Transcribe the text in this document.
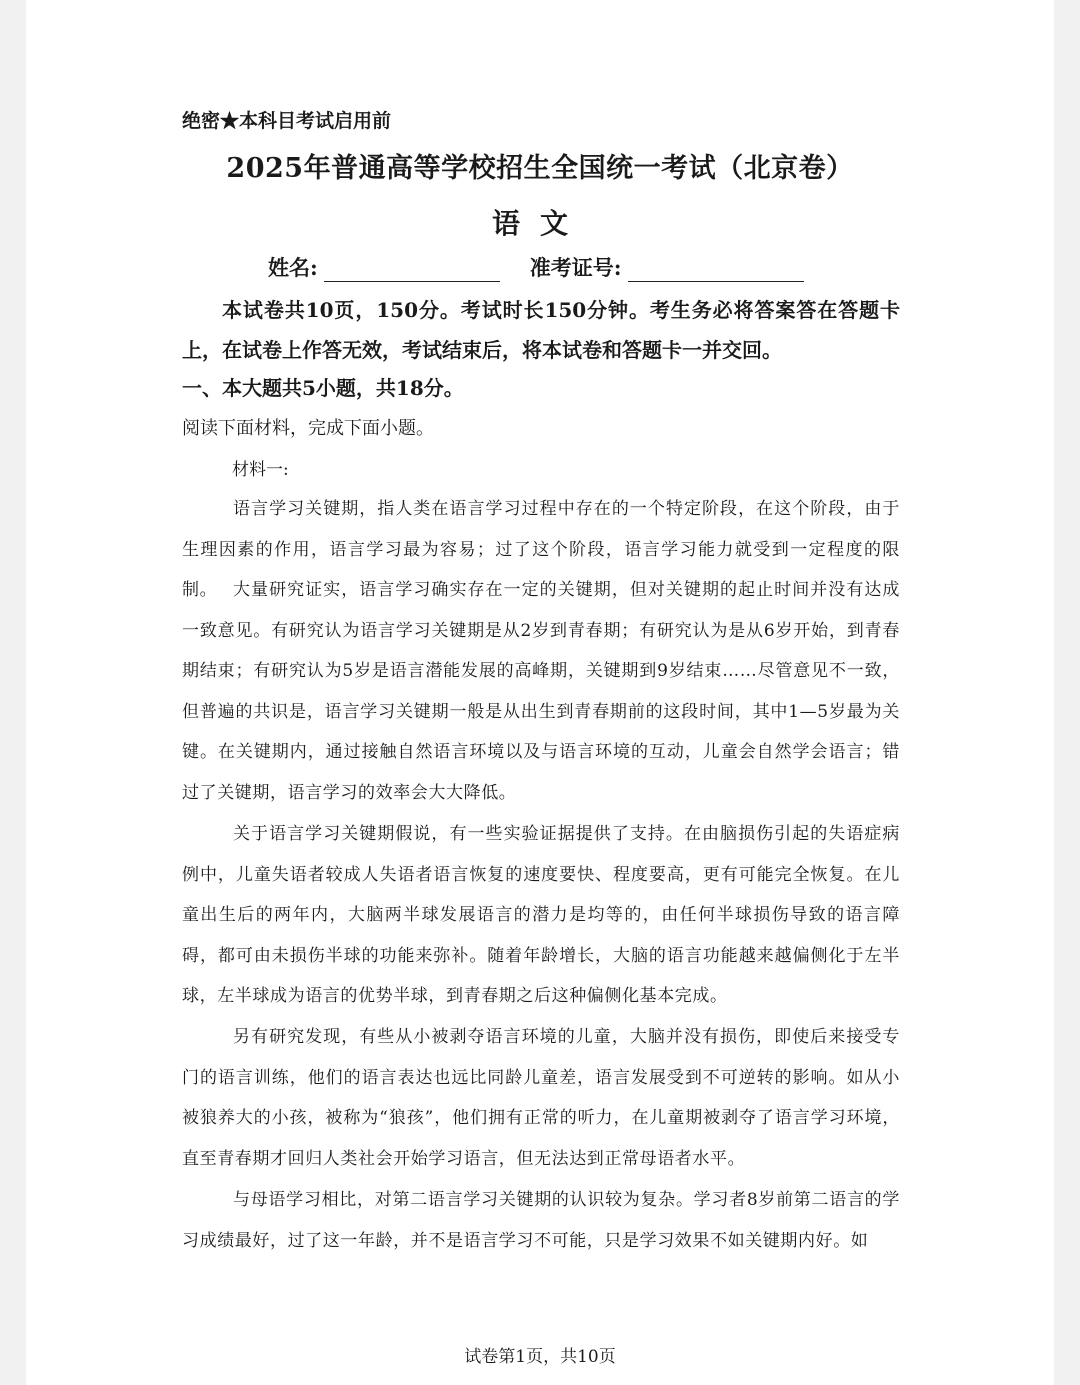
绝密★本科目考试启用前
2025年普通高等学校招生全国统一考试（北京卷）
语文
姓名:	准考证号:

本试卷共10页，150分。考试时长150分钟。考生务必将答案答在答题卡上，在试卷上作答无效，考试结束后，将本试卷和答题卡一并交回。

一、本大题共5小题，共18分。
阅读下面材料，完成下面小题。
材料一:

语言学习关键期，指人类在语言学习过程中存在的一个特定阶段，在这个阶段，由于生理因素的作用，语言学习最为容易；过了这个阶段，语言学习能力就受到一定程度的限制。 大量研究证实，语言学习确实存在一定的关键期，但对关键期的起止时间并没有达成一致意见。有研究认为语言学习关键期是从2岁到青春期；有研究认为是从6岁开始，到青春期结束；有研究认为5岁是语言潜能发展的高峰期，关键期到9岁结束……尽管意见不一致，但普遍的共识是，语言学习关键期一般是从出生到青春期前的这段时间，其中1—5岁最为关键。在关键期内，通过接触自然语言环境以及与语言环境的互动，儿童会自然学会语言；错过了关键期，语言学习的效率会大大降低。

关于语言学习关键期假说，有一些实验证据提供了支持。在由脑损伤引起的失语症病例中，儿童失语者较成人失语者语言恢复的速度要快、程度要高，更有可能完全恢复。在儿童出生后的两年内，大脑两半球发展语言的潜力是均等的，由任何半球损伤导致的语言障碍，都可由未损伤半球的功能来弥补。随着年龄增长，大脑的语言功能越来越偏侧化于左半球，左半球成为语言的优势半球，到青春期之后这种偏侧化基本完成。

另有研究发现，有些从小被剥夺语言环境的儿童，大脑并没有损伤，即使后来接受专门的语言训练，他们的语言表达也远比同龄儿童差，语言发展受到不可逆转的影响。如从小被狼养大的小孩，被称为“狼孩”，他们拥有正常的听力，在儿童期被剥夺了语言学习环境，直至青春期才回归人类社会开始学习语言，但无法达到正常母语者水平。

与母语学习相比，对第二语言学习关键期的认识较为复杂。学习者8岁前第二语言的学习成绩最好，过了这一年龄，并不是语言学习不可能，只是学习效果不如关键期内好。如

试卷第1页，共10页
